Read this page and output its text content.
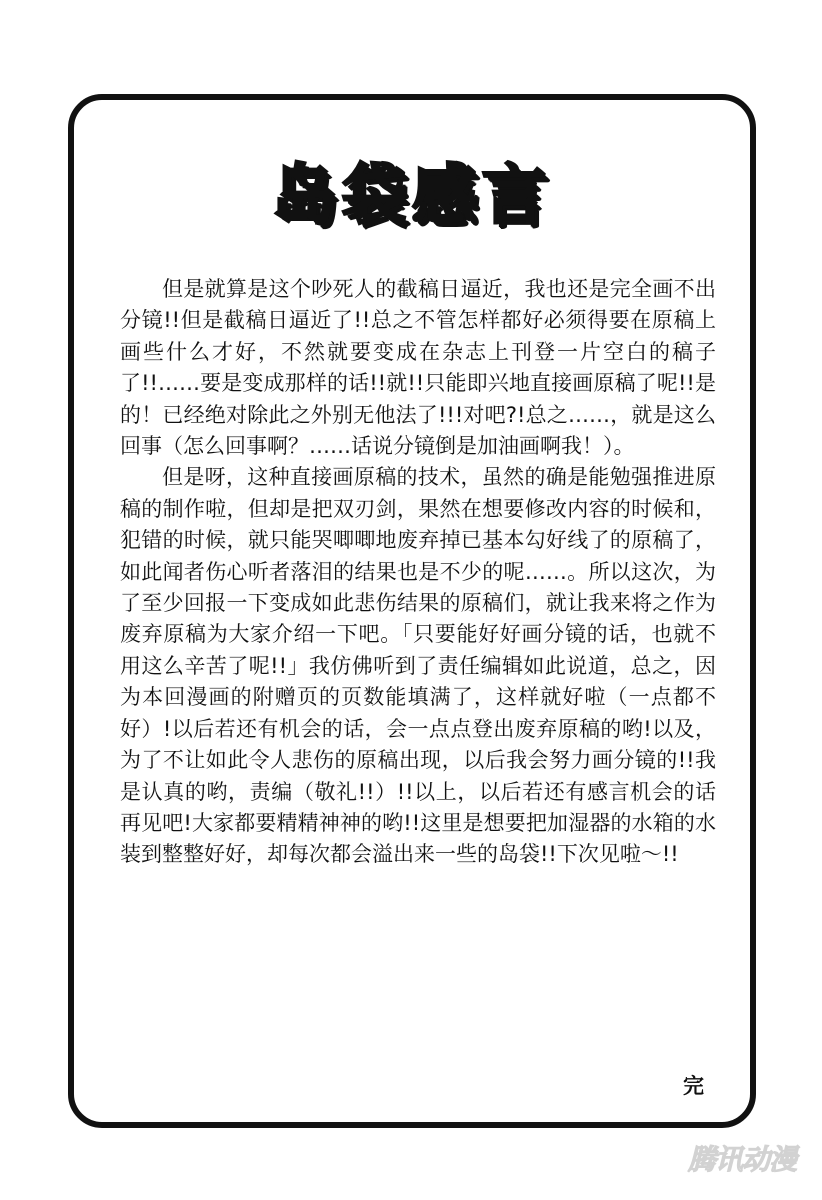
岛袋感言

但是就算是这个吵死人的截稿日逼近，我也还是完全画不出分镜!!但是截稿日逼近了!!总之不管怎样都好必须得要在原稿上画些什么才好，不然就要变成在杂志上刊登一片空白的稿子了!!……要是变成那样的话!!就!!只能即兴地直接画原稿了呢!!是的！已经绝对除此之外别无他法了!!!对吧?!总之……，就是这么回事（怎么回事啊？……话说分镜倒是加油画啊我！）。

但是呀，这种直接画原稿的技术，虽然的确是能勉强推进原稿的制作啦，但却是把双刃剑，果然在想要修改内容的时候和，犯错的时候，就只能哭唧唧地废弃掉已基本勾好线了的原稿了，如此闻者伤心听者落泪的结果也是不少的呢……。所以这次，为了至少回报一下变成如此悲伤结果的原稿们，就让我来将之作为废弃原稿为大家介绍一下吧。「只要能好好画分镜的话，也就不用这么辛苦了呢!!」我仿佛听到了责任编辑如此说道，总之，因为本回漫画的附赠页的页数能填满了，这样就好啦（一点都不好）!以后若还有机会的话，会一点点登出废弃原稿的哟!以及，为了不让如此令人悲伤的原稿出现，以后我会努力画分镜的!!我是认真的哟，责编（敬礼!!）!!以上，以后若还有感言机会的话再见吧!大家都要精精神神的哟!!这里是想要把加湿器的水箱的水装到整整好好，却每次都会溢出来一些的岛袋!!下次见啦～!!

完
腾讯动漫
